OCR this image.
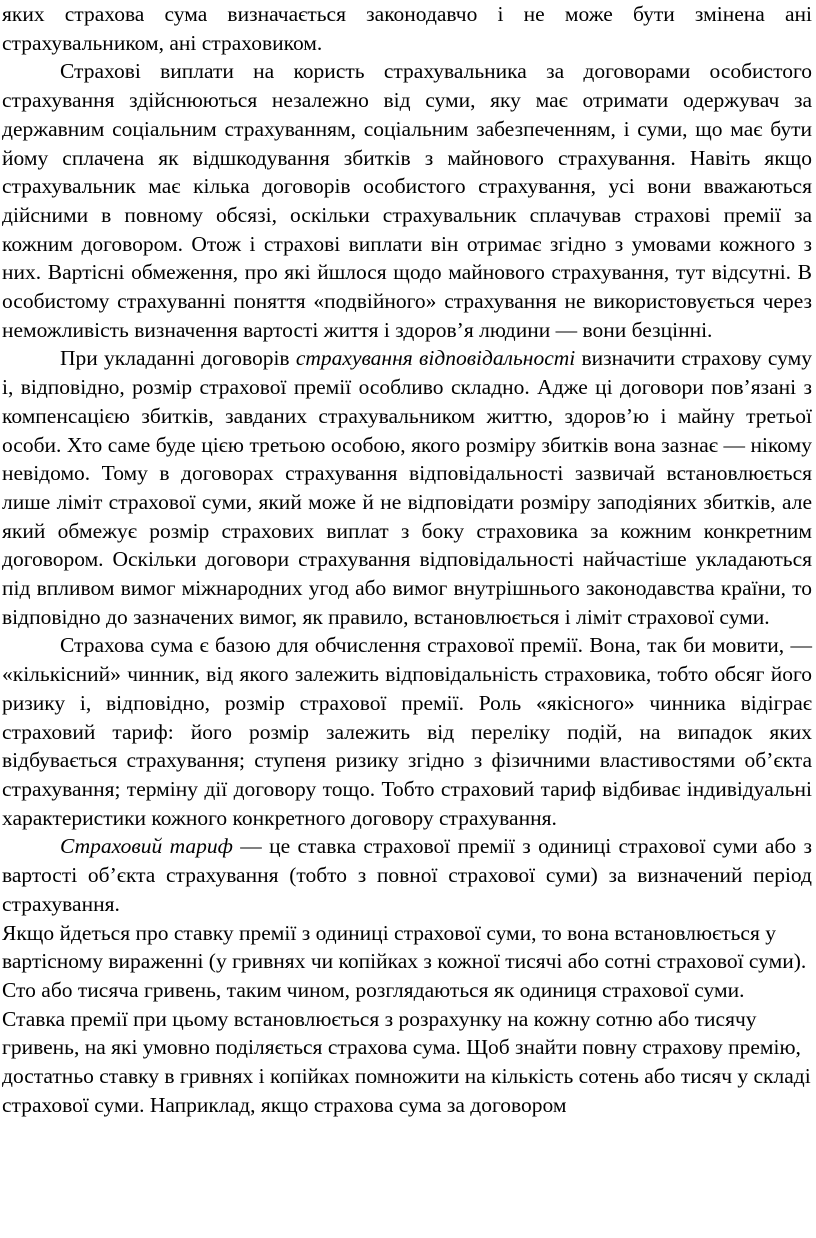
яких страхова сума визначається законодавчо і не може бути змінена ані страхувальником, ані страховиком.

Страхові виплати на користь страхувальника за договорами особистого страхування здійснюються незалежно від суми, яку має отримати одержувач за державним соціальним страхуванням, соціальним забезпеченням, і суми, що має бути йому сплачена як відшкодування збитків з майнового страхування. Навіть якщо страхувальник має кілька договорів особистого страхування, усі вони вважаються дійсними в повному обсязі, оскільки страхувальник сплачував страхові премії за кожним договором. Отож і страхові виплати він отримає згідно з умовами кожного з них. Вартісні обмеження, про які йшлося щодо майнового страхування, тут відсутні. В особистому страхуванні поняття «подвійного» страхування не використовується через неможливість визначення вартості життя і здоров’я людини — вони безцінні.

При укладанні договорів страхування відповідальності визначити страхову суму і, відповідно, розмір страхової премії особливо складно. Адже ці договори пов’язані з компенсацією збитків, завданих страхувальником життю, здоров’ю і майну третьої особи. Хто саме буде цією третьою особою, якого розміру збитків вона зазнає — нікому невідомо. Тому в договорах страхування відповідальності зазвичай встановлюється лише ліміт страхової суми, який може й не відповідати розміру заподіяних збитків, але який обмежує розмір страхових виплат з боку страховика за кожним конкретним договором. Оскільки договори страхування відповідальності найчастіше укладаються під впливом вимог міжнародних угод або вимог внутрішнього законодавства країни, то відповідно до зазначених вимог, як правило, встановлюється і ліміт страхової суми.

Страхова сума є базою для обчислення страхової премії. Вона, так би мовити, — «кількісний» чинник, від якого залежить відповідальність страховика, тобто обсяг його ризику і, відповідно, розмір страхової премії. Роль «якісного» чинника відіграє страховий тариф: його розмір залежить від переліку подій, на випадок яких відбувається страхування; ступеня ризику згідно з фізичними властивостями об’єкта страхування; терміну дії договору тощо. Тобто страховий тариф відбиває індивідуальні характеристики кожного конкретного договору страхування.

Страховий тариф — це ставка страхової премії з одиниці страхової суми або з вартості об’єкта страхування (тобто з повної страхової суми) за визначений період страхування.

Якщо йдеться про ставку премії з одиниці страхової суми, то вона встановлюється у вартісному вираженні (у гривнях чи копійках з кожної тисячі або сотні страхової суми). Сто або тисяча гривень, таким чином, розглядаються як одиниця страхової суми. Ставка премії при цьому встановлюється з розрахунку на кожну сотню або тисячу гривень, на які умовно поділяється страхова сума. Щоб знайти повну страхову премію, достатньо ставку в гривнях і копійках помножити на кількість сотень або тисяч у складі страхової суми. Наприклад, якщо страхова сума за договором
